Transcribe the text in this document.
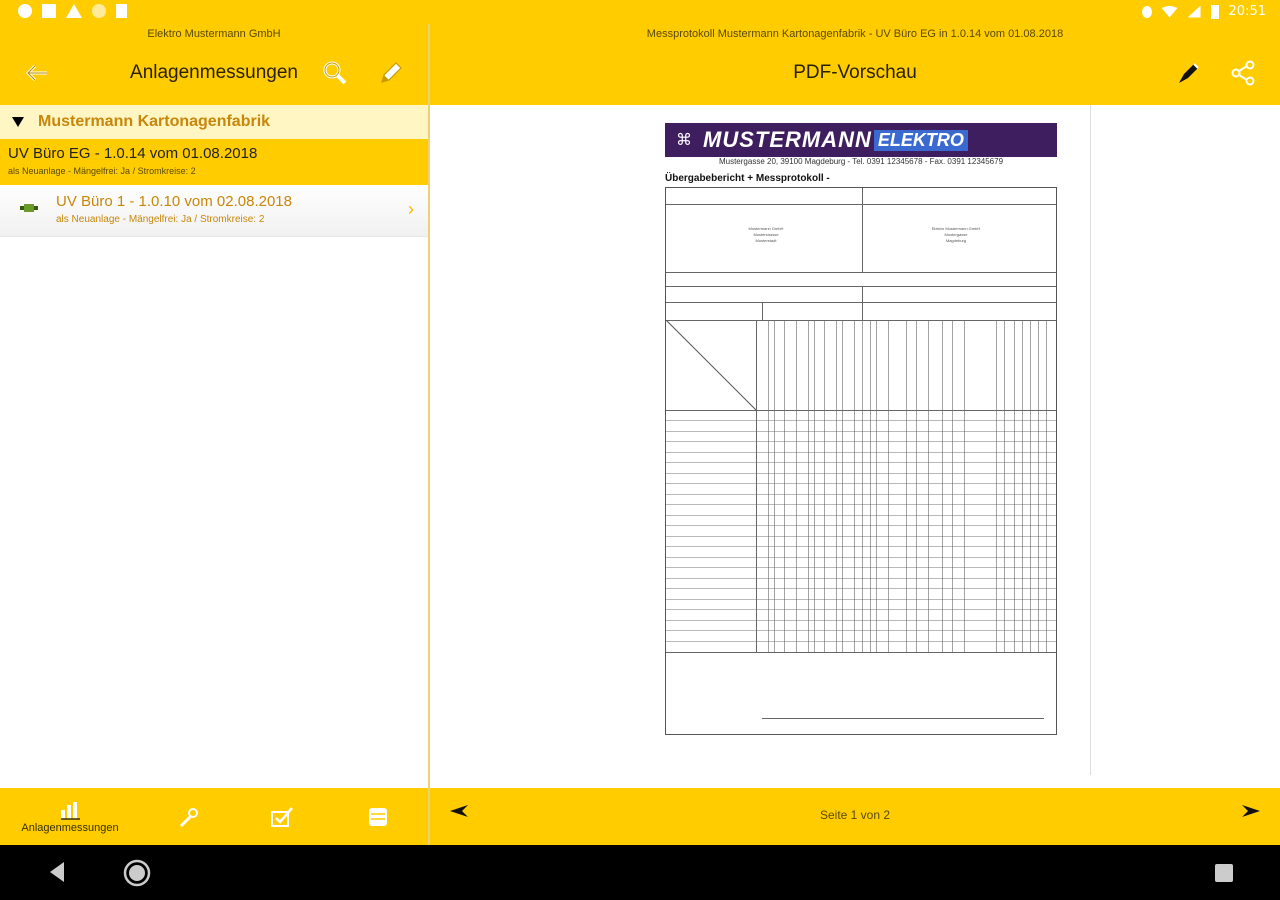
20:51
Elektro Mustermann GmbH
Anlagenmessungen
Mustermann Kartonagenfabrik
UV Büro EG - 1.0.14 vom 01.08.2018
als Neuanlage - Mängelfrei: Ja / Stromkreise: 2
UV Büro 1 - 1.0.10 vom 02.08.2018
als Neuanlage - Mängelfrei: Ja / Stromkreise: 2
›
Anlagenmessungen
Messprotokoll Mustermann Kartonagenfabrik - UV Büro EG in 1.0.14 vom 01.08.2018
PDF-Vorschau
⌘ MUSTERMANN ELEKTRO
Mustergasse 20, 39100 Magdeburg - Tel. 0391 12345678 - Fax. 0391 12345679
Übergabebericht + Messprotokoll -
Mustermann GmbH
Musterstrasse
Musterstadt
Elektro Mustermann GmbH
Mustergasse
Magdeburg
Seite 1 von 2
